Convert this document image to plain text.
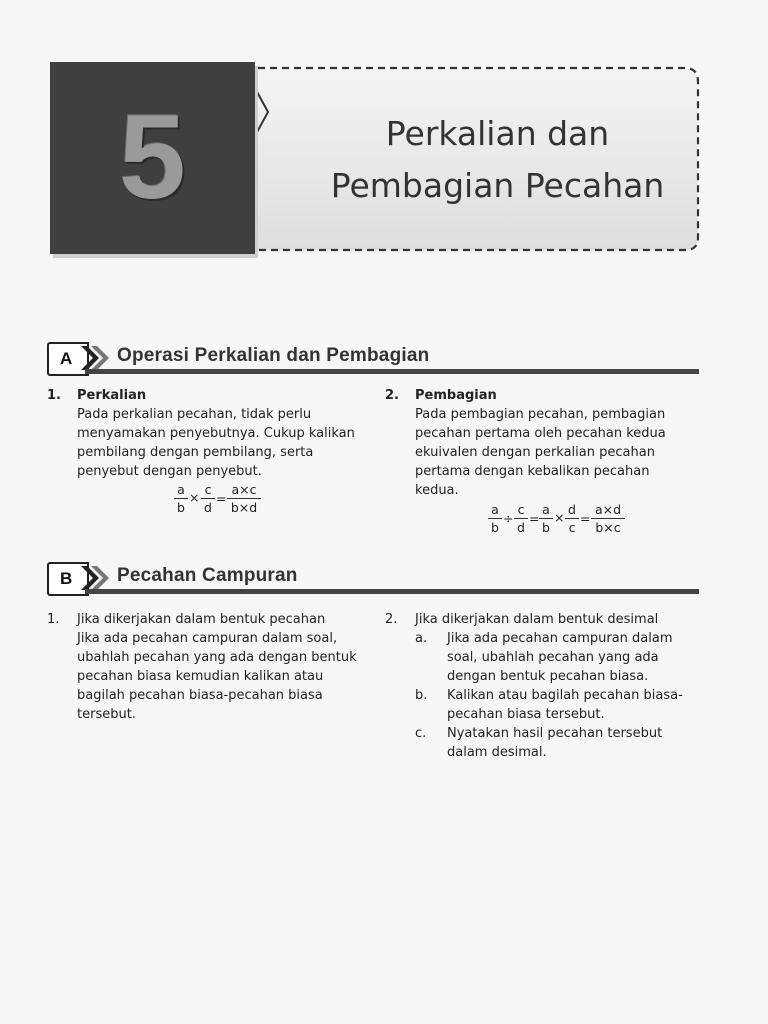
Perkalian dan
Pembagian Pecahan
5
A	Operasi Perkalian dan Pembagian
1. Perkalian
Pada perkalian pecahan, tidak perlu
menyamakan penyebutnya. Cukup kalikan
pembilang dengan pembilang, serta
penyebut dengan penyebut.
$\frac{a}{b} \times \frac{c}{d} = \frac{a\times c}{b\times d}$
2. Pembagian
Pada pembagian pecahan, pembagian
pecahan pertama oleh pecahan kedua
ekuivalen dengan perkalian pecahan
pertama dengan kebalikan pecahan
kedua.
$\frac{a}{b} \div \frac{c}{d} = \frac{a}{b} \times \frac{d}{c} = \frac{a\times d}{b\times c}$
B	Pecahan Campuran
1. Jika dikerjakan dalam bentuk pecahan
Jika ada pecahan campuran dalam soal,
ubahlah pecahan yang ada dengan bentuk
pecahan biasa kemudian kalikan atau
bagilah pecahan biasa-pecahan biasa
tersebut.
2. Jika dikerjakan dalam bentuk desimal
a. Jika ada pecahan campuran dalam
soal, ubahlah pecahan yang ada
dengan bentuk pecahan biasa.
b. Kalikan atau bagilah pecahan biasa-
pecahan biasa tersebut.
c. Nyatakan hasil pecahan tersebut
dalam desimal.
